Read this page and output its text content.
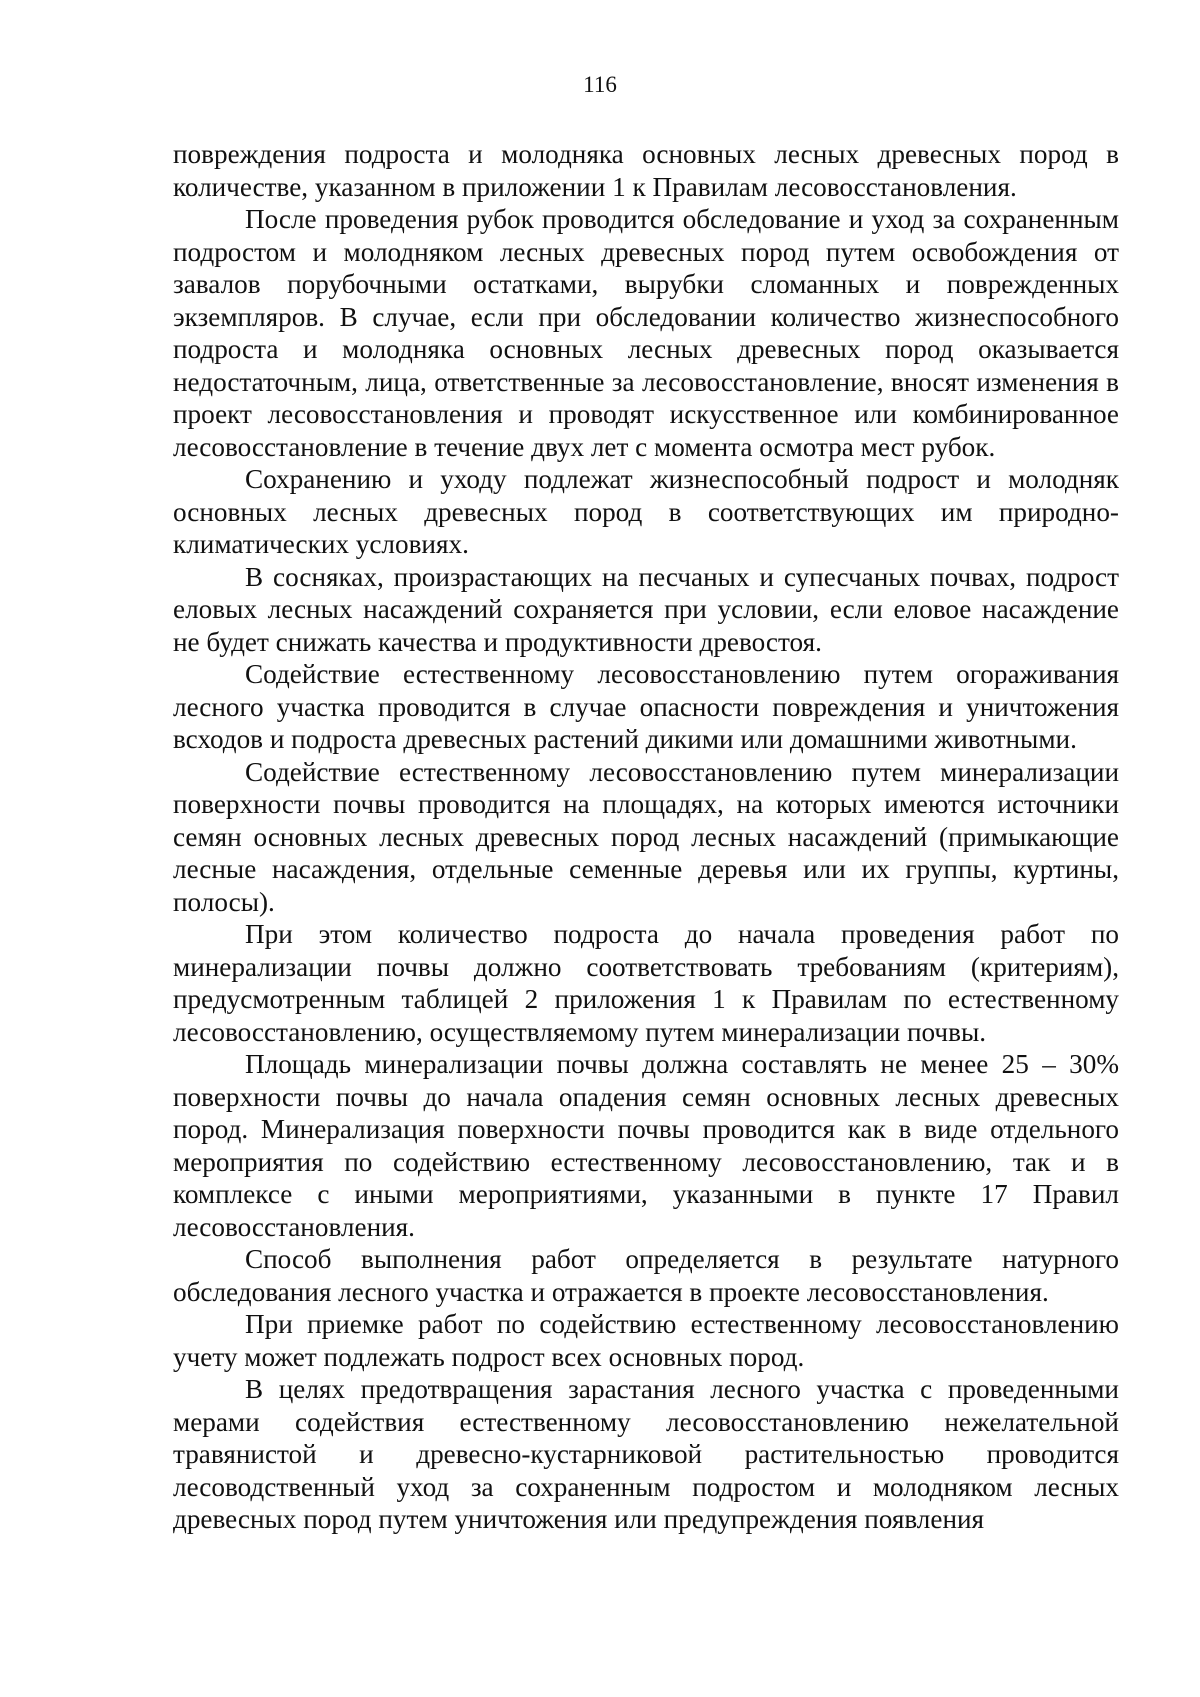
116

повреждения подроста и молодняка основных лесных древесных пород в количестве, указанном в приложении 1 к Правилам лесовосстановления.

После проведения рубок проводится обследование и уход за сохраненным подростом и молодняком лесных древесных пород путем освобождения от завалов порубочными остатками, вырубки сломанных и поврежденных экземпляров. В случае, если при обследовании количество жизнеспособного подроста и молодняка основных лесных древесных пород оказывается недостаточным, лица, ответственные за лесовосстановление, вносят изменения в проект лесовосстановления и проводят искусственное или комбинированное лесовосстановление в течение двух лет с момента осмотра мест рубок.

Сохранению и уходу подлежат жизнеспособный подрост и молодняк основных лесных древесных пород в соответствующих им природно-климатических условиях.

В сосняках, произрастающих на песчаных и супесчаных почвах, подрост еловых лесных насаждений сохраняется при условии, если еловое насаждение не будет снижать качества и продуктивности древостоя.

Содействие естественному лесовосстановлению путем огораживания лесного участка проводится в случае опасности повреждения и уничтожения всходов и подроста древесных растений дикими или домашними животными.

Содействие естественному лесовосстановлению путем минерализации поверхности почвы проводится на площадях, на которых имеются источники семян основных лесных древесных пород лесных насаждений (примыкающие лесные насаждения, отдельные семенные деревья или их группы, куртины, полосы).

При этом количество подроста до начала проведения работ по минерализации почвы должно соответствовать требованиям (критериям), предусмотренным таблицей 2 приложения 1 к Правилам по естественному лесовосстановлению, осуществляемому путем минерализации почвы.

Площадь минерализации почвы должна составлять не менее 25 – 30% поверхности почвы до начала опадения семян основных лесных древесных пород. Минерализация поверхности почвы проводится как в виде отдельного мероприятия по содействию естественному лесовосстановлению, так и в комплексе с иными мероприятиями, указанными в пункте 17 Правил лесовосстановления.

Способ выполнения работ определяется в результате натурного обследования лесного участка и отражается в проекте лесовосстановления.

При приемке работ по содействию естественному лесовосстановлению учету может подлежать подрост всех основных пород.

В целях предотвращения зарастания лесного участка с проведенными мерами содействия естественному лесовосстановлению нежелательной травянистой и древесно-кустарниковой растительностью проводится лесоводственный уход за сохраненным подростом и молодняком лесных древесных пород путем уничтожения или предупреждения появления
